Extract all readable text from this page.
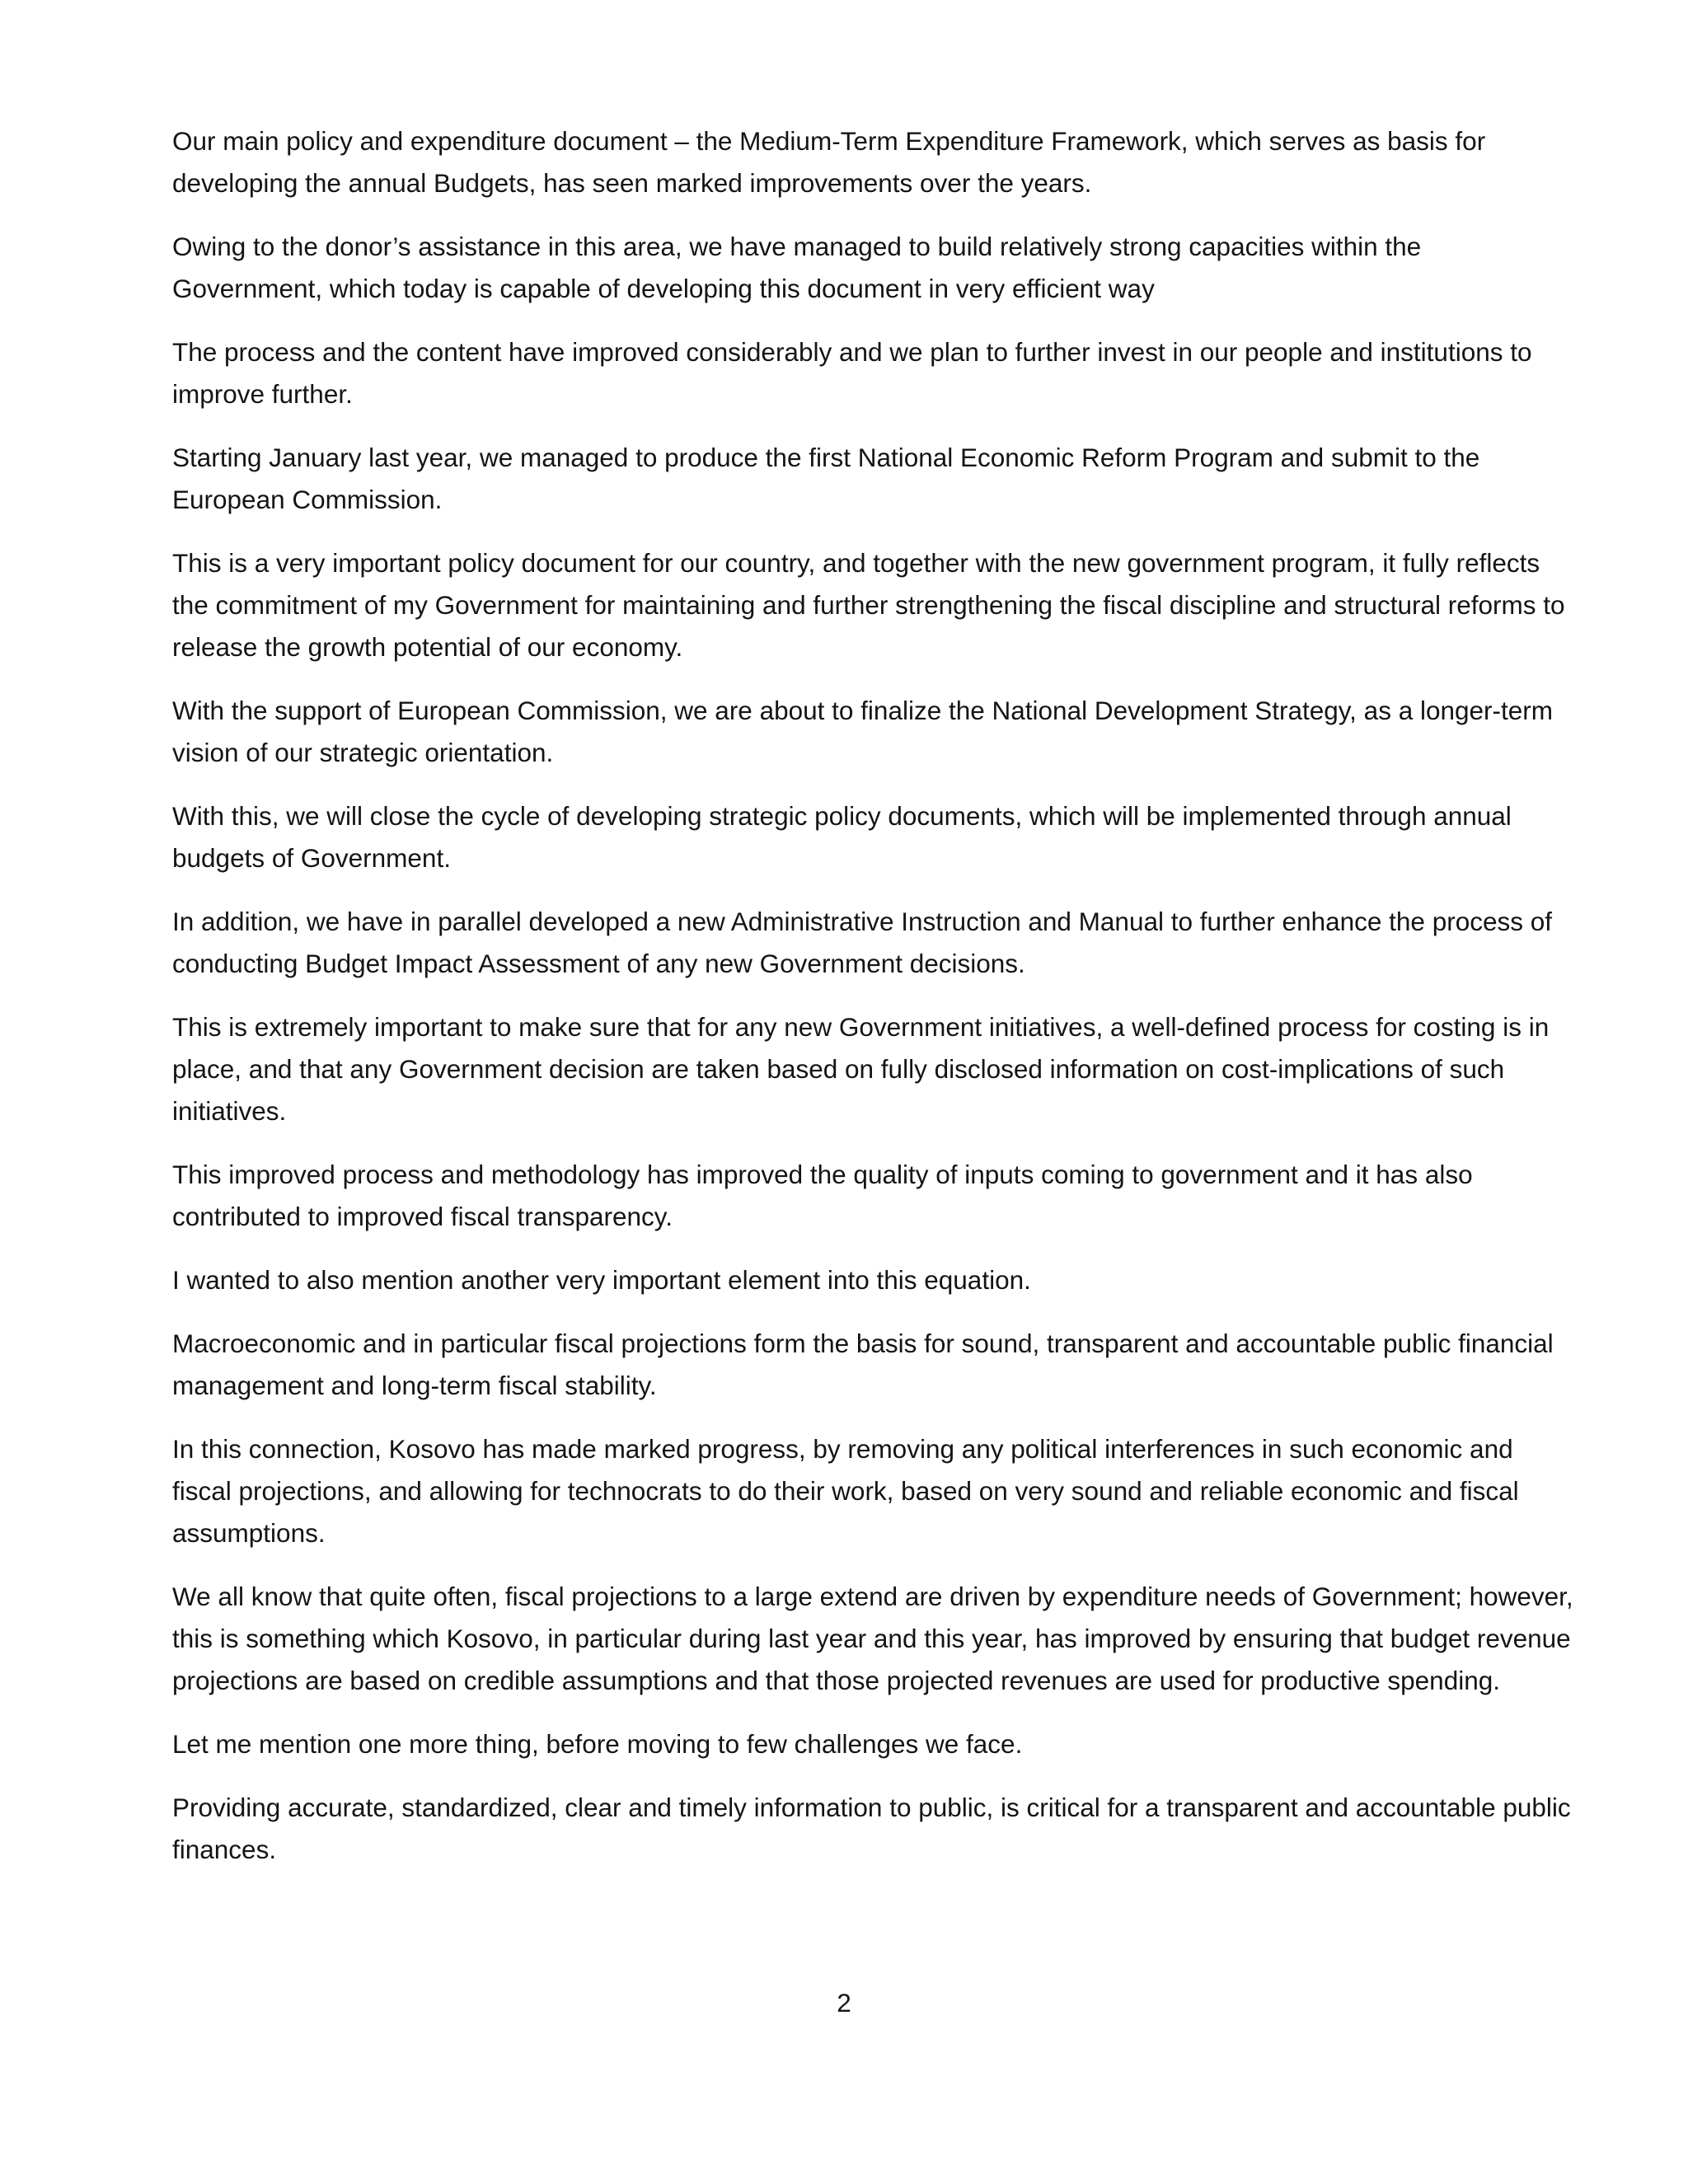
Our main policy and expenditure document – the Medium-Term Expenditure Framework, which serves as basis for developing the annual Budgets, has seen marked improvements over the years.

Owing to the donor’s assistance in this area, we have managed to build relatively strong capacities within the Government, which today is capable of developing this document in very efficient way

The process and the content have improved considerably and we plan to further invest in our people and institutions to improve further.

Starting January last year, we managed to produce the first National Economic Reform Program and submit to the European Commission.

This is a very important policy document for our country, and together with the new government program, it fully reflects the commitment of my Government for maintaining and further strengthening the fiscal discipline and structural reforms to release the growth potential of our economy.

With the support of European Commission, we are about to finalize the National Development Strategy, as a longer-term vision of our strategic orientation.

With this, we will close the cycle of developing strategic policy documents, which will be implemented through annual budgets of Government.

In addition, we have in parallel developed a new Administrative Instruction and Manual to further enhance the process of conducting Budget Impact Assessment of any new Government decisions.

This is extremely important to make sure that for any new Government initiatives, a well-defined process for costing is in place, and that any Government decision are taken based on fully disclosed information on cost-implications of such initiatives.

This improved process and methodology has improved the quality of inputs coming to government and it has also contributed to improved fiscal transparency.

I wanted to also mention another very important element into this equation.

Macroeconomic and in particular fiscal projections form the basis for sound, transparent and accountable public financial management and long-term fiscal stability.

In this connection, Kosovo has made marked progress, by removing any political interferences in such economic and fiscal projections, and allowing for technocrats to do their work, based on very sound and reliable economic and fiscal assumptions.

We all know that quite often, fiscal projections to a large extend are driven by expenditure needs of Government; however, this is something which Kosovo, in particular during last year and this year, has improved by ensuring that budget revenue projections are based on credible assumptions and that those projected revenues are used for productive spending.

Let me mention one more thing, before moving to few challenges we face.

Providing accurate, standardized, clear and timely information to public, is critical for a transparent and accountable public finances.

2
